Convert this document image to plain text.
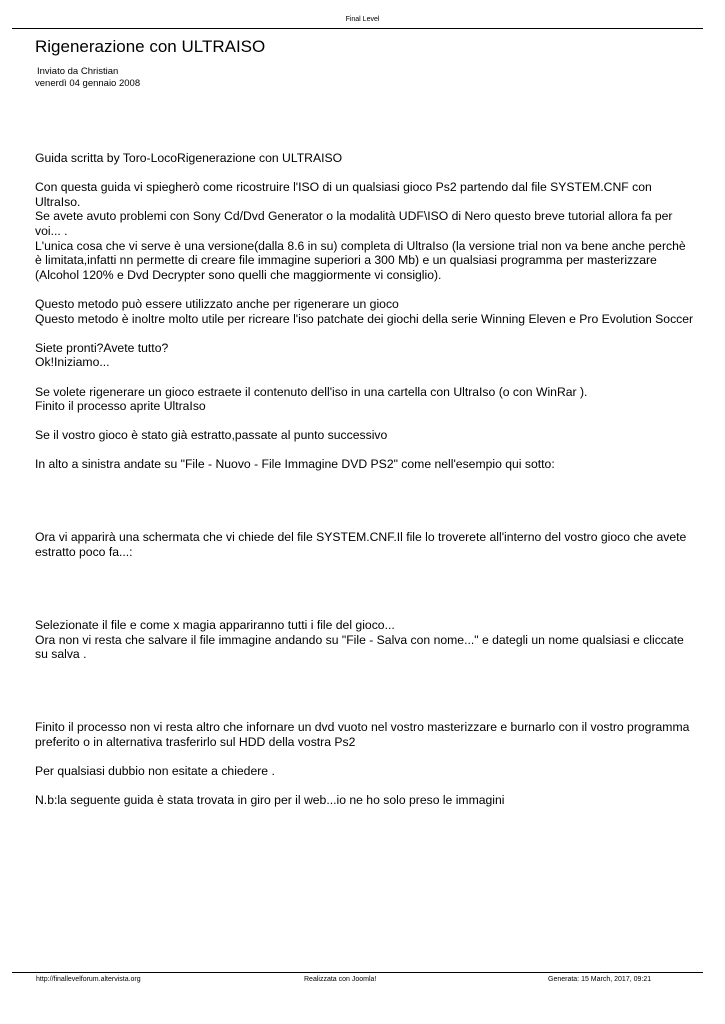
Final Level
Rigenerazione con ULTRAISO
Inviato da Christian
venerdì 04 gennaio 2008

Guida scritta by Toro-LocoRigenerazione con ULTRAISO

Con questa guida vi spiegherò come ricostruire l'ISO di un qualsiasi gioco Ps2 partendo dal file SYSTEM.CNF con UltraIso.

Se avete avuto problemi con Sony Cd/Dvd Generator o la modalità UDF\ISO di Nero questo breve tutorial allora fa per voi... .

L'unica cosa che vi serve è una versione(dalla 8.6 in su) completa di UltraIso (la versione trial non va bene anche perchè è limitata,infatti nn permette di creare file immagine superiori a 300 Mb) e un qualsiasi programma per masterizzare (Alcohol 120% e Dvd Decrypter sono quelli che maggiormente vi consiglio).

Questo metodo può essere utilizzato anche per rigenerare un gioco

Questo metodo è inoltre molto utile per ricreare l'iso patchate dei giochi della serie Winning Eleven e Pro Evolution Soccer

Siete pronti?Avete tutto?

Ok!Iniziamo...

Se volete rigenerare un gioco estraete il contenuto dell'iso in una cartella con UltraIso (o con WinRar ).

Finito il processo aprite UltraIso

Se il vostro gioco è stato già estratto,passate al punto successivo

In alto a sinistra andate su "File - Nuovo - File Immagine DVD PS2" come nell'esempio qui sotto:

Ora vi apparirà una schermata che vi chiede del file SYSTEM.CNF.Il file lo troverete all'interno del vostro gioco che avete estratto poco fa...:

Selezionate il file e come x magia appariranno tutti i file del gioco...

Ora non vi resta che salvare il file immagine andando su "File - Salva con nome..." e dategli un nome qualsiasi e cliccate su salva .

Finito il processo non vi resta altro che infornare un dvd vuoto nel vostro masterizzare e burnarlo con il vostro programma preferito o in alternativa trasferirlo sul HDD della vostra Ps2

Per qualsiasi dubbio non esitate a chiedere .

N.b:la seguente guida è stata trovata in giro per il web...io ne ho solo preso le immagini

http://finallevelforum.altervista.org	Realizzata con Joomla!	Generata: 15 March, 2017, 09:21
